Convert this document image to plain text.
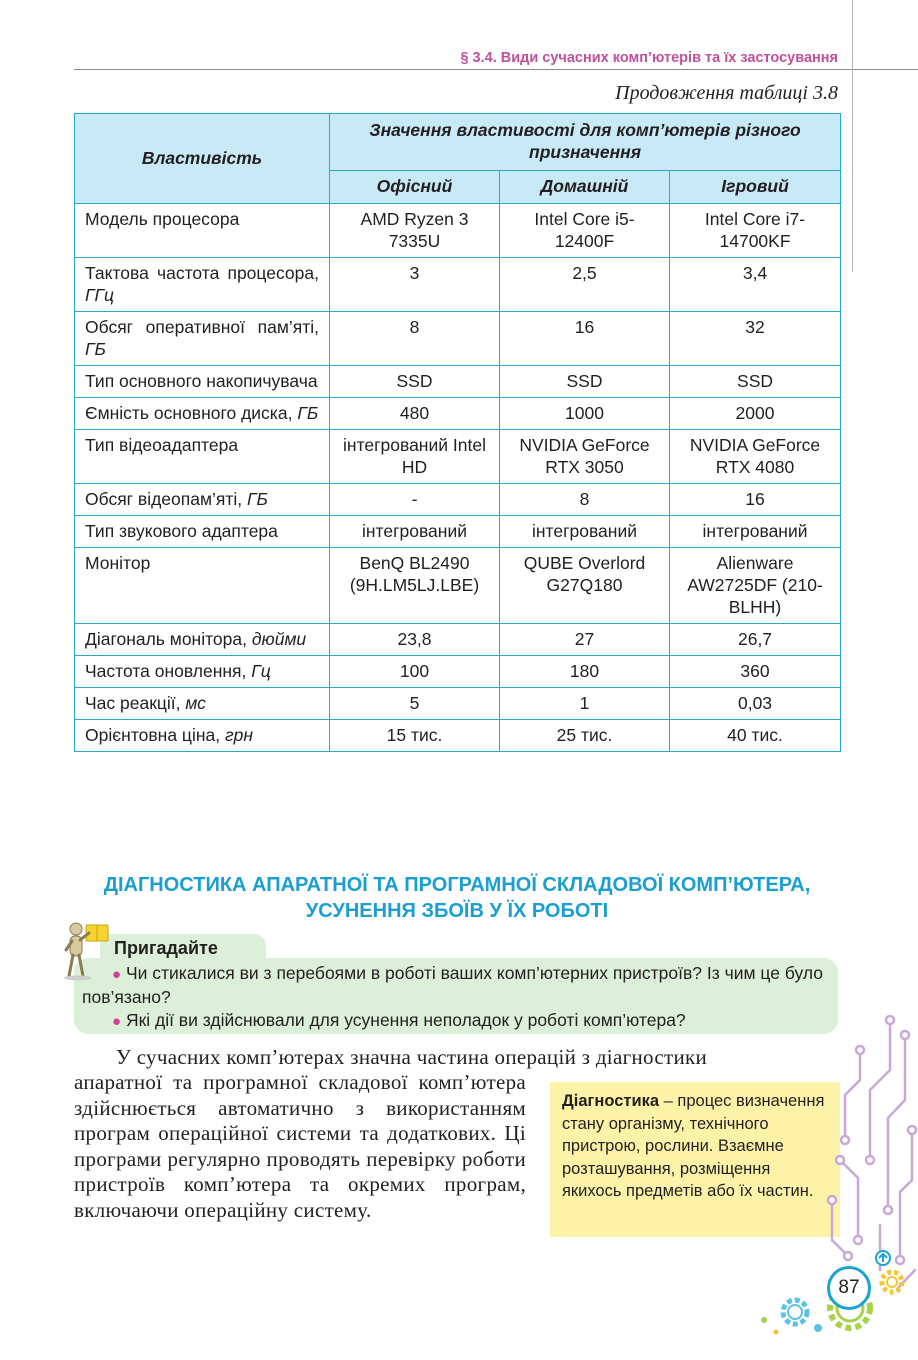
§ 3.4. Види сучасних комп’ютерів та їх застосування
Продовження таблиці 3.8
Властивість	Значення властивості для комп’ютерів різного призначення		
	Офісний	Домашній	Ігровий
Модель процесора	AMD Ryzen 3 7335U	Intel Core i5-12400F	Intel Core i7-14700KF
Тактова частота процесора, ГГц	3	2,5	3,4
Обсяг оперативної пам’яті, ГБ	8	16	32
Тип основного накопичувача	SSD	SSD	SSD
Ємність основного диска, ГБ	480	1000	2000
Тип відеоадаптера	інтегрований Intel HD	NVIDIA GeForce RTX 3050	NVIDIA GeForce RTX 4080
Обсяг відеопам’яті, ГБ	-	8	16
Тип звукового адаптера	інтегрований	інтегрований	інтегрований
Монітор	BenQ BL2490 (9H.LM5LJ.LBE)	QUBE Overlord G27Q180	Alienware AW2725DF (210-BLHH)
Діагональ монітора, дюйми	23,8	27	26,7
Частота оновлення, Гц	100	180	360
Час реакції, мс	5	1	0,03
Орієнтовна ціна, грн	15 тис.	25 тис.	40 тис.
ДІАГНОСТИКА АПАРАТНОЇ ТА ПРОГРАМНОЇ СКЛАДОВОЇ КОМП’ЮТЕРА,
УСУНЕННЯ ЗБОЇВ У ЇХ РОБОТІ
Пригадайте
● Чи стикалися ви з перебоями в роботі ваших комп’ютерних пристроїв? Із чим це було пов’язано?
● Які дії ви здійснювали для усунення неполадок у роботі комп’ютера?
У сучасних комп’ютерах значна частина операцій з діагностики
апаратної та програмної складової комп’ютера здійснюється автоматично з використанням програм операційної системи та додаткових. Ці програми регулярно проводять перевірку роботи пристроїв комп’ютера та окремих програм, включаючи операційну систему.
Діагностика – процес визначення стану організму, технічного пристрою, рослини. Взаємне розташування, розміщення якихось предметів або їх частин.
87
